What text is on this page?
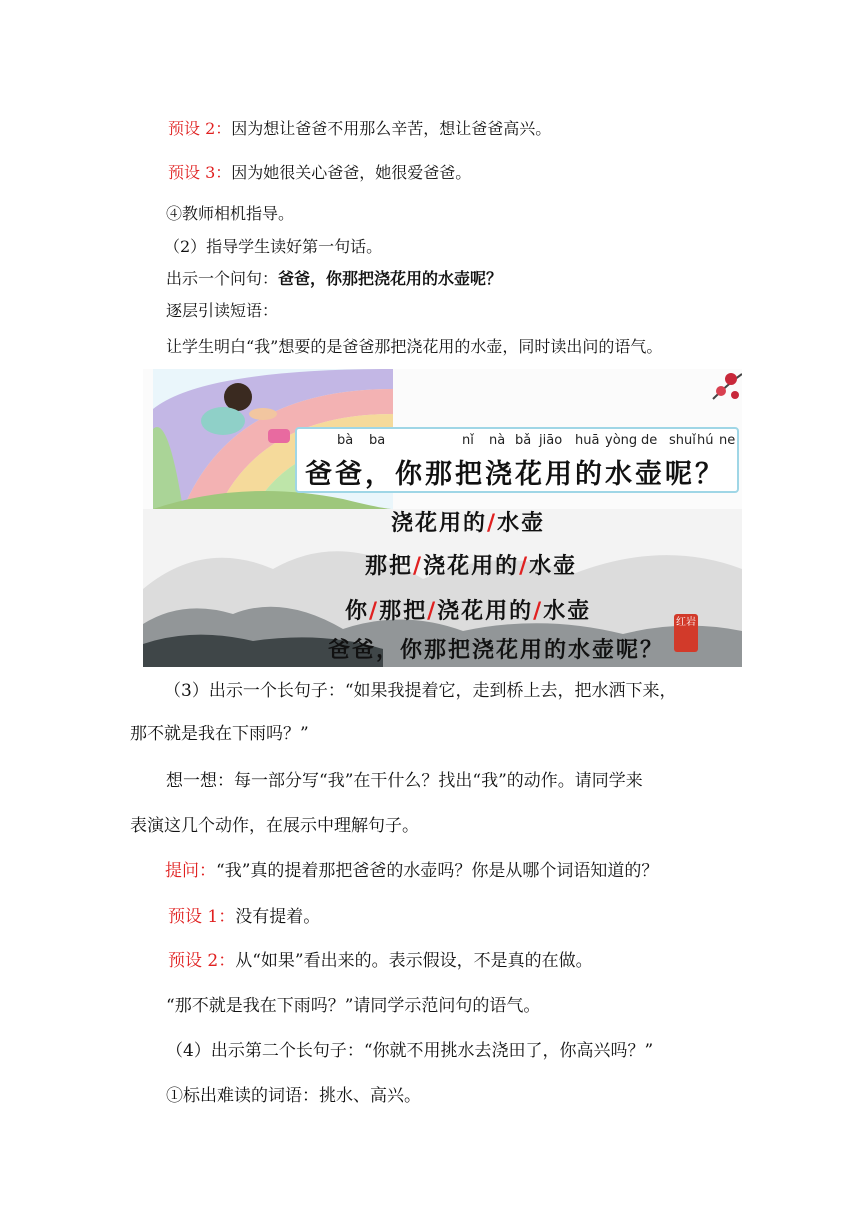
预设 2：因为想让爸爸不用那么辛苦，想让爸爸高兴。
预设 3：因为她很关心爸爸，她很爱爸爸。
④教师相机指导。
（2）指导学生读好第一句话。
出示一个问句：爸爸，你那把浇花用的水壶呢？
逐层引读短语：
让学生明白“我”想要的是爸爸那把浇花用的水壶，同时读出问的语气。
bà ba	nǐ nà bǎ jiāo huā yòng de shuǐ hú ne
爸爸，你那把浇花用的水壶呢？
浇花用的/水壶
那把/浇花用的/水壶
你/那把/浇花用的/水壶
爸爸，你那把浇花用的水壶呢？
红岩
（3）出示一个长句子：“如果我提着它，走到桥上去，把水洒下来，
那不就是我在下雨吗？”
想一想：每一部分写“我”在干什么？找出“我”的动作。请同学来
表演这几个动作，在展示中理解句子。
提问：“我”真的提着那把爸爸的水壶吗？你是从哪个词语知道的？
预设 1：没有提着。
预设 2：从“如果”看出来的。表示假设，不是真的在做。
“那不就是我在下雨吗？”请同学示范问句的语气。
（4）出示第二个长句子：“你就不用挑水去浇田了，你高兴吗？”
①标出难读的词语：挑水、高兴。
